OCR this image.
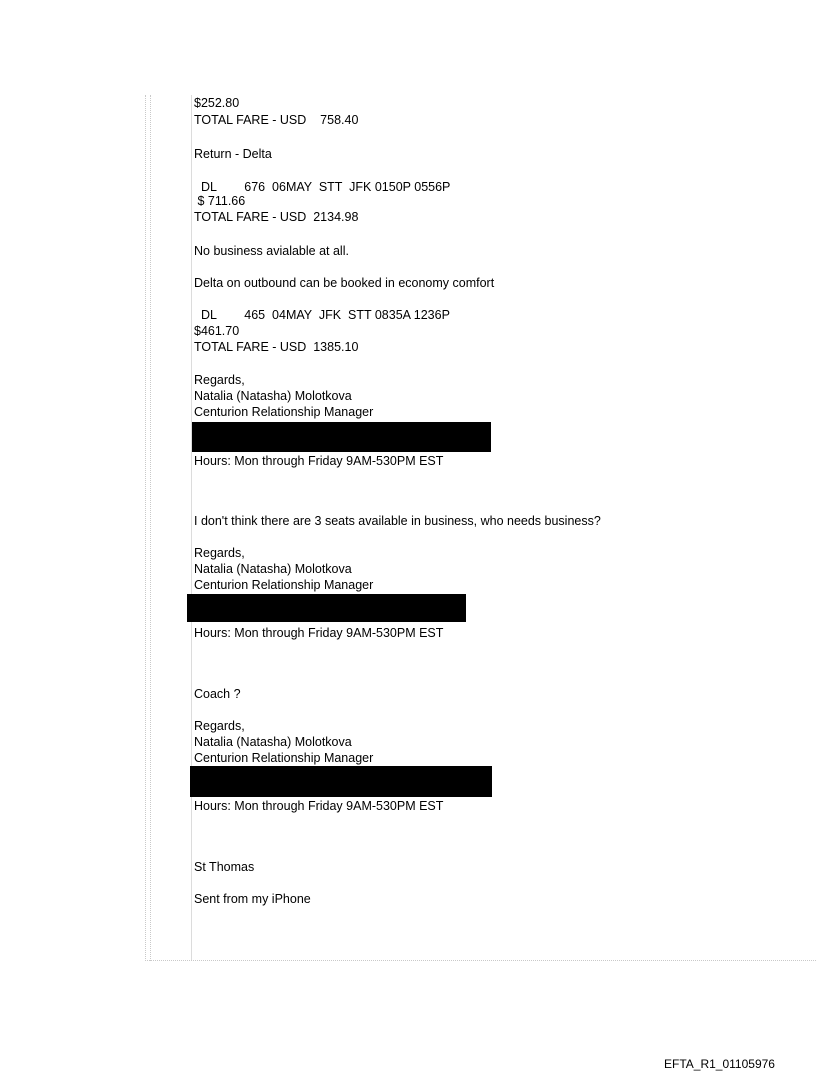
$252.80

TOTAL FARE - USD    758.40

Return - Delta

DL        676  06MAY  STT  JFK 0150P 0556P

$ 711.66

TOTAL FARE - USD  2134.98

No business avialable at all.

Delta on outbound can be booked in economy comfort

DL        465  04MAY  JFK  STT 0835A 1236P

$461.70

TOTAL FARE - USD  1385.10

Regards,

Natalia (Natasha) Molotkova

Centurion Relationship Manager

Hours: Mon through Friday 9AM-530PM EST

I don't think there are 3 seats available in business, who needs business?

Regards,

Natalia (Natasha) Molotkova

Centurion Relationship Manager

Hours: Mon through Friday 9AM-530PM EST

Coach ?

Regards,

Natalia (Natasha) Molotkova

Centurion Relationship Manager

Hours: Mon through Friday 9AM-530PM EST

St Thomas

Sent from my iPhone

EFTA_R1_01105976
